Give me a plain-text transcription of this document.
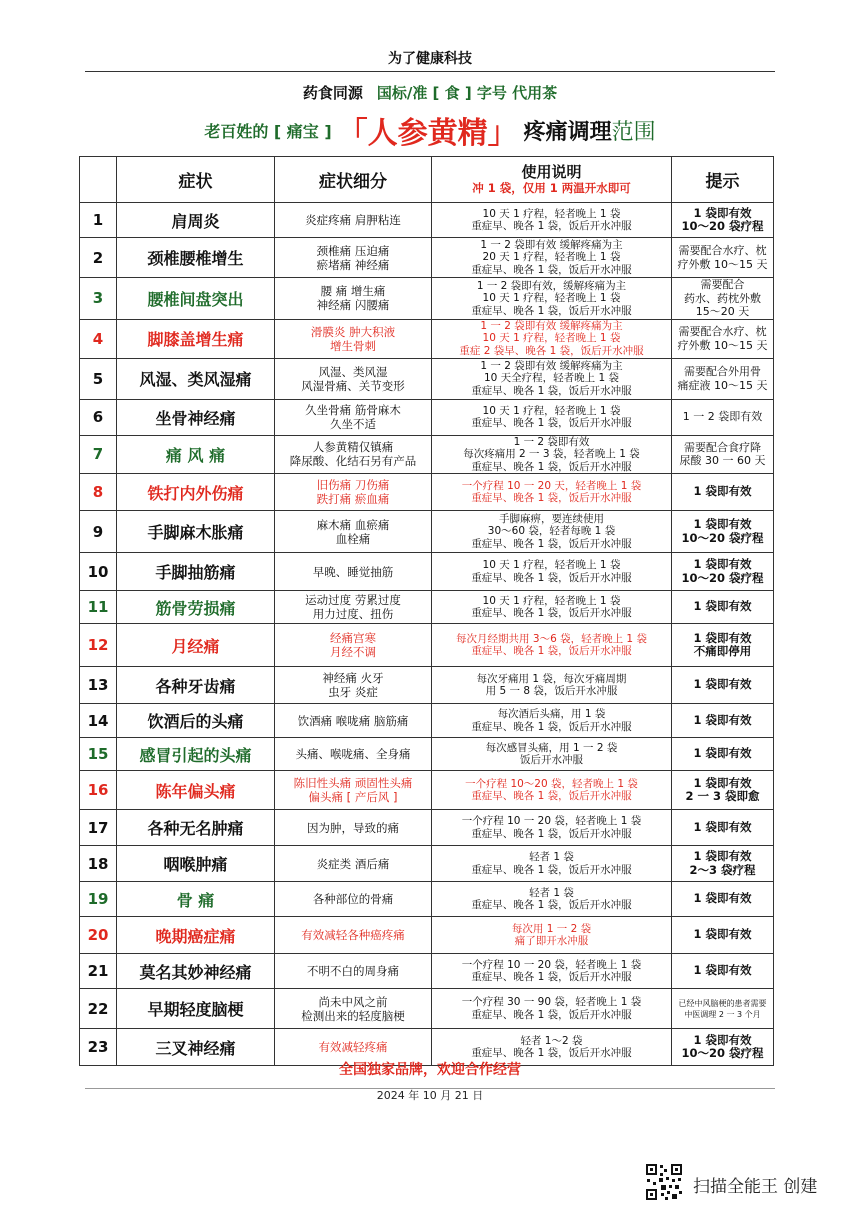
为了健康科技
药食同源 国标/准 [ 食 ] 字号 代用茶
老百姓的 [ 痛宝 ] 「人参黄精」 疼痛调理范围
	症状	症状细分	使用说明
冲 1 袋，仅用 1 两温开水即可	提示
1	肩周炎	炎症疼痛 肩胛粘连	10 天 1 疗程，轻者晚上 1 袋
重症早、晚各 1 袋，饭后开水冲服	1 袋即有效
10～20 袋疗程

2	颈椎腰椎增生	颈椎痛 压迫痛
瘀堵痛 神经痛	1 一 2 袋即有效 缓解疼痛为主
20 天 1 疗程，轻者晚上 1 袋
重症早、晚各 1 袋，饭后开水冲服	需要配合水疗、枕
疗外敷 10～15 天

3	腰椎间盘突出	腰 痛 增生痛
神经痛 闪腰痛	1 一 2 袋即有效，缓解疼痛为主
10 天 1 疗程，轻者晚上 1 袋
重症早、晚各 1 袋，饭后开水冲服	需要配合
药水、药枕外敷
15～20 天

4	脚膝盖增生痛	滑膜炎 肿大积液
增生骨刺	1 一 2 袋即有效 缓解疼痛为主
10 天 1 疗程，轻者晚上 1 袋
重症 2 袋早、晚各 1 袋，饭后开水冲服	需要配合水疗、枕
疗外敷 10～15 天

5	风湿、类风湿痛	风湿、类风湿
风湿骨痛、关节变形	1 一 2 袋即有效 缓解疼痛为主
10 天全疗程，轻者晚上 1 袋
重症早、晚各 1 袋，饭后开水冲服	需要配合外用骨
痛症液 10～15 天

6	坐骨神经痛	久坐骨痛 筋骨麻木
久坐不适	10 天 1 疗程，轻者晚上 1 袋
重症早、晚各 1 袋，饭后开水冲服	1 一 2 袋即有效

7	痛 风 痛	人参黄精仅镇痛
降尿酸、化结石另有产品	1 一 2 袋即有效
每次疼痛用 2 一 3 袋，轻者晚上 1 袋
重症早、晚各 1 袋，饭后开水冲服	需要配合食疗降
尿酸 30 一 60 天

8	铁打内外伤痛	旧伤痛 刀伤痛
跌打痛 瘀血痛	一个疗程 10 一 20 天，轻者晚上 1 袋
重症早、晚各 1 袋，饭后开水冲服	1 袋即有效

9	手脚麻木胀痛	麻木痛 血瘀痛
血栓痛	手脚麻痹，要连续使用
30～60 袋，轻者每晚 1 袋
重症早、晚各 1 袋，饭后开水冲服	1 袋即有效
10～20 袋疗程

10	手脚抽筋痛	早晚、睡觉抽筋	10 天 1 疗程，轻者晚上 1 袋
重症早、晚各 1 袋，饭后开水冲服	1 袋即有效
10～20 袋疗程

11	筋骨劳损痛	运动过度 劳累过度
用力过度、扭伤	10 天 1 疗程，轻者晚上 1 袋
重症早、晚各 1 袋，饭后开水冲服	1 袋即有效

12	月经痛	经痛宫寒
月经不调	每次月经期共用 3～6 袋，轻者晚上 1 袋
重症早、晚各 1 袋，饭后开水冲服	1 袋即有效
不痛即停用

13	各种牙齿痛	神经痛 火牙
虫牙 炎症	每次牙痛用 1 袋，每次牙痛周期
用 5 一 8 袋，饭后开水冲服	1 袋即有效

14	饮酒后的头痛	饮酒痛 喉咙痛 脑筋痛	每次酒后头痛，用 1 袋
重症早、晚各 1 袋，饭后开水冲服	1 袋即有效

15	感冒引起的头痛	头痛、喉咙痛、全身痛	每次感冒头痛，用 1 一 2 袋
饭后开水冲服	1 袋即有效

16	陈年偏头痛	陈旧性头痛 顽固性头痛
偏头痛 [ 产后风 ]	一个疗程 10～20 袋，轻者晚上 1 袋
重症早、晚各 1 袋，饭后开水冲服	1 袋即有效
2 一 3 袋即愈

17	各种无名肿痛	因为肿，导致的痛	一个疗程 10 一 20 袋，轻者晚上 1 袋
重症早、晚各 1 袋，饭后开水冲服	1 袋即有效

18	咽喉肿痛	炎症类 酒后痛	轻者 1 袋
重症早、晚各 1 袋，饭后开水冲服	1 袋即有效
2～3 袋疗程

19	骨 痛	各种部位的骨痛	轻者 1 袋
重症早、晚各 1 袋，饭后开水冲服	1 袋即有效

20	晚期癌症痛	有效减轻各种癌疼痛	每次用 1 一 2 袋
痛了即开水冲服	1 袋即有效

21	莫名其妙神经痛	不明不白的周身痛	一个疗程 10 一 20 袋，轻者晚上 1 袋
重症早、晚各 1 袋，饭后开水冲服	1 袋即有效

22	早期轻度脑梗	尚未中风之前
检测出来的轻度脑梗	一个疗程 30 一 90 袋，轻者晚上 1 袋
重症早、晚各 1 袋，饭后开水冲服	已经中风脑梗的患者需要
中医调理 2 一 3 个月

23	三叉神经痛	有效减轻疼痛	轻者 1～2 袋
重症早、晚各 1 袋，饭后开水冲服	1 袋即有效
10～20 袋疗程
全国独家品牌，欢迎合作经营
2024 年 10 月 21 日
扫描全能王 创建
